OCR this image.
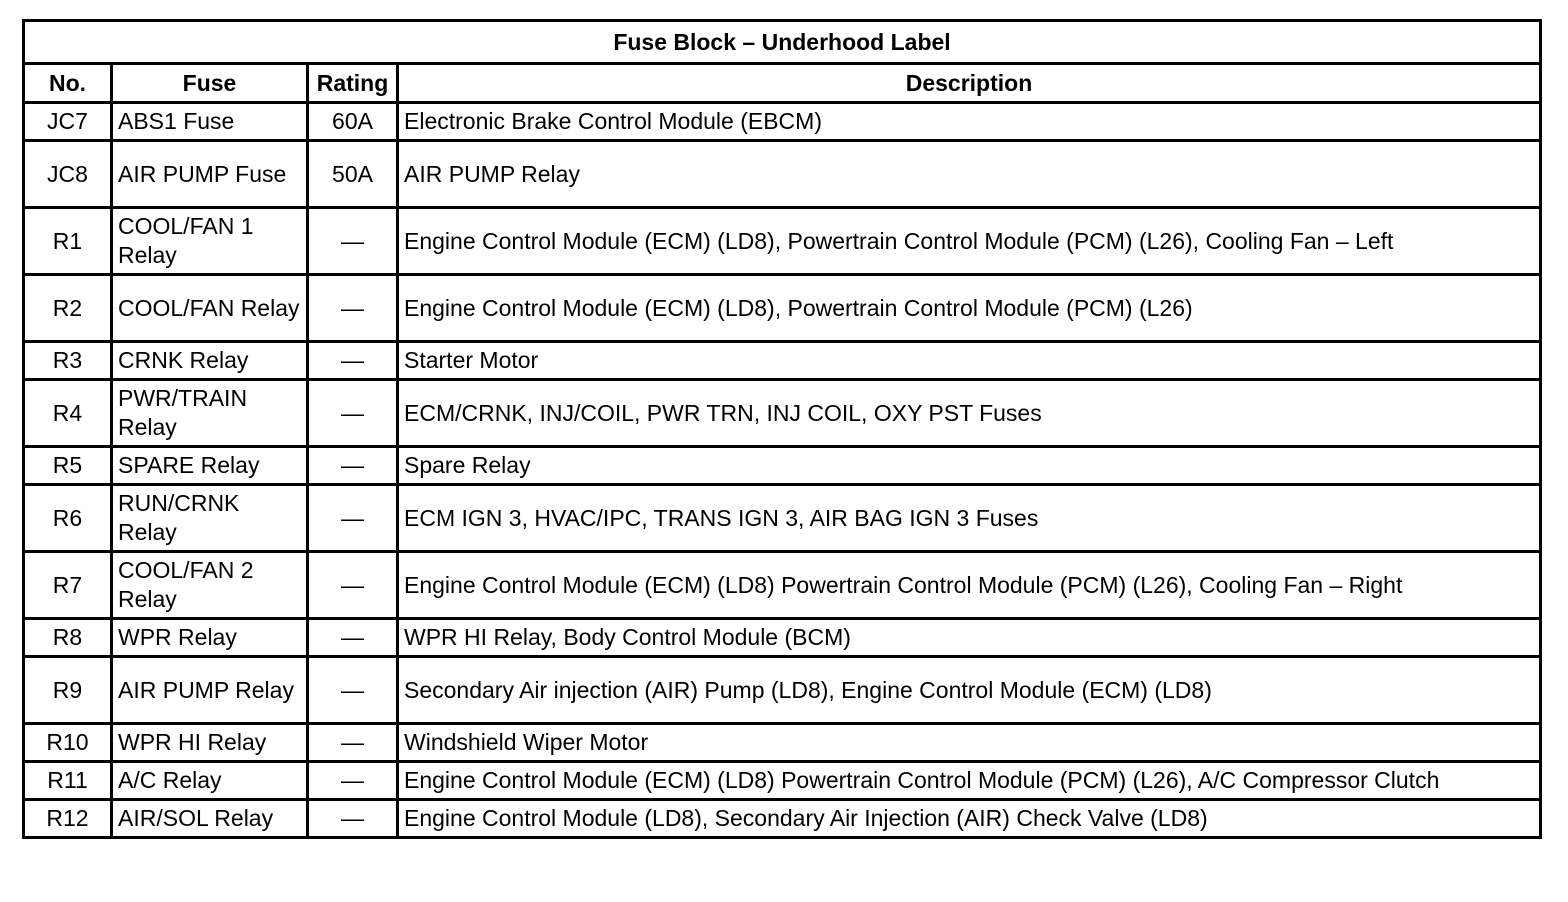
Fuse Block – Underhood Label			
No.	Fuse	Rating	Description
JC7	ABS1 Fuse	60A	Electronic Brake Control Module (EBCM)
JC8	AIR PUMP Fuse	50A	AIR PUMP Relay
R1	COOL/FAN 1 Relay	—	Engine Control Module (ECM) (LD8), Powertrain Control Module (PCM) (L26), Cooling Fan – Left
R2	COOL/FAN Relay	—	Engine Control Module (ECM) (LD8), Powertrain Control Module (PCM) (L26)
R3	CRNK Relay	—	Starter Motor
R4	PWR/TRAIN Relay	—	ECM/CRNK, INJ/COIL, PWR TRN, INJ COIL, OXY PST Fuses
R5	SPARE Relay	—	Spare Relay
R6	RUN/CRNK Relay	—	ECM IGN 3, HVAC/IPC, TRANS IGN 3, AIR BAG IGN 3 Fuses
R7	COOL/FAN 2 Relay	—	Engine Control Module (ECM) (LD8) Powertrain Control Module (PCM) (L26), Cooling Fan – Right
R8	WPR Relay	—	WPR HI Relay, Body Control Module (BCM)
R9	AIR PUMP Relay	—	Secondary Air injection (AIR) Pump (LD8), Engine Control Module (ECM) (LD8)
R10	WPR HI Relay	—	Windshield Wiper Motor
R11	A/C Relay	—	Engine Control Module (ECM) (LD8) Powertrain Control Module (PCM) (L26), A/C Compressor Clutch
R12	AIR/SOL Relay	—	Engine Control Module (LD8), Secondary Air Injection (AIR) Check Valve (LD8)
